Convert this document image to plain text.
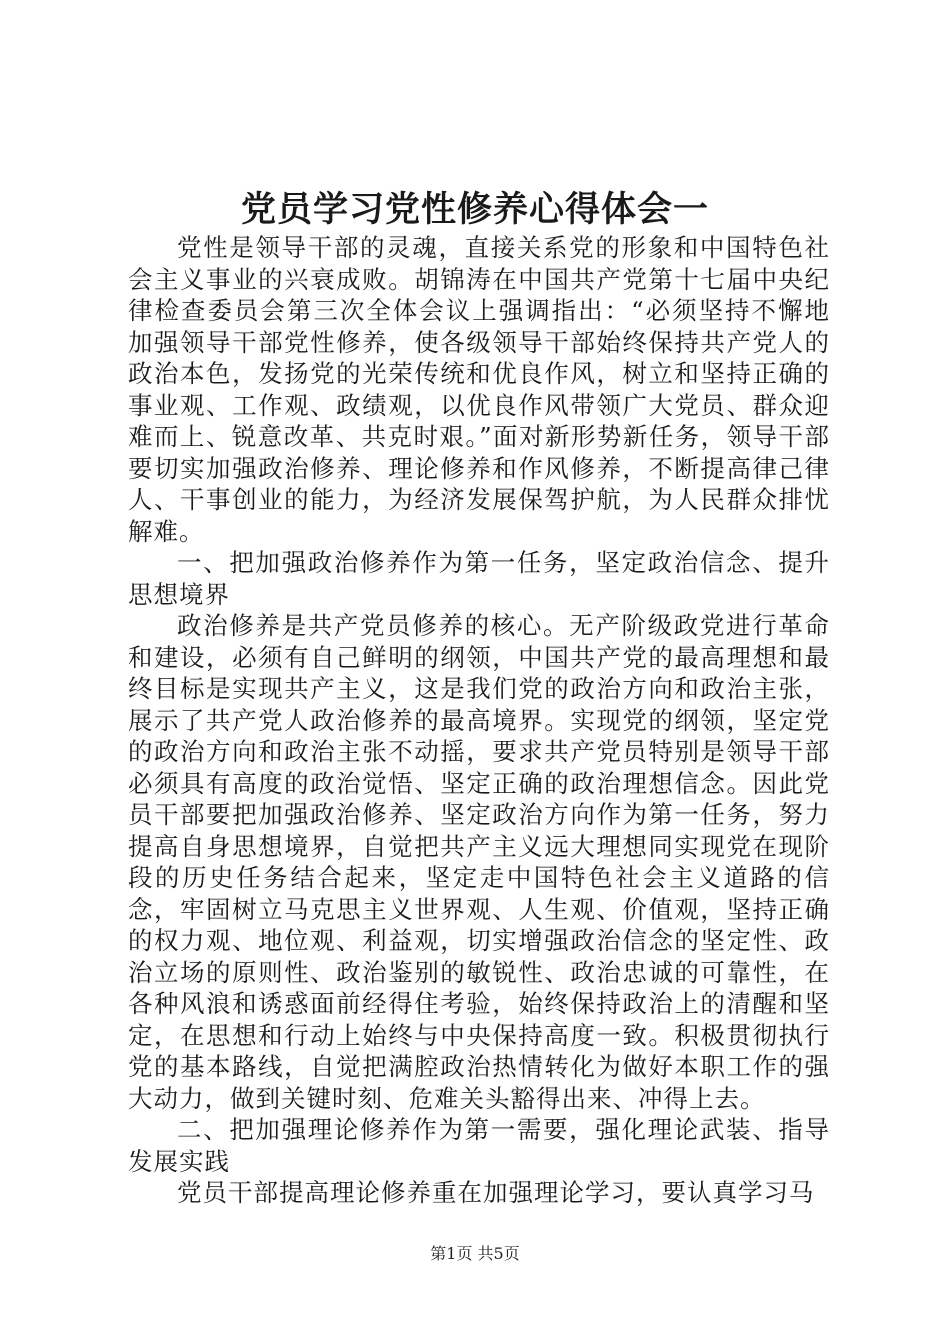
党员学习党性修养心得体会一

党性是领导干部的灵魂，直接关系党的形象和中国特色社会主义事业的兴衰成败。胡锦涛在中国共产党第十七届中央纪律检查委员会第三次全体会议上强调指出：“必须坚持不懈地加强领导干部党性修养，使各级领导干部始终保持共产党人的政治本色，发扬党的光荣传统和优良作风，树立和坚持正确的事业观、工作观、政绩观，以优良作风带领广大党员、群众迎难而上、锐意改革、共克时艰。”面对新形势新任务，领导干部要切实加强政治修养、理论修养和作风修养，不断提高律己律人、干事创业的能力，为经济发展保驾护航，为人民群众排忧解难。

一、把加强政治修养作为第一任务，坚定政治信念、提升思想境界

政治修养是共产党员修养的核心。无产阶级政党进行革命和建设，必须有自己鲜明的纲领，中国共产党的最高理想和最终目标是实现共产主义，这是我们党的政治方向和政治主张，展示了共产党人政治修养的最高境界。实现党的纲领，坚定党的政治方向和政治主张不动摇，要求共产党员特别是领导干部必须具有高度的政治觉悟、坚定正确的政治理想信念。因此党员干部要把加强政治修养、坚定政治方向作为第一任务，努力提高自身思想境界，自觉把共产主义远大理想同实现党在现阶段的历史任务结合起来，坚定走中国特色社会主义道路的信念，牢固树立马克思主义世界观、人生观、价值观，坚持正确的权力观、地位观、利益观，切实增强政治信念的坚定性、政治立场的原则性、政治鉴别的敏锐性、政治忠诚的可靠性，在各种风浪和诱惑面前经得住考验，始终保持政治上的清醒和坚定，在思想和行动上始终与中央保持高度一致。积极贯彻执行党的基本路线，自觉把满腔政治热情转化为做好本职工作的强大动力，做到关键时刻、危难关头豁得出来、冲得上去。

二、把加强理论修养作为第一需要，强化理论武装、指导发展实践

党员干部提高理论修养重在加强理论学习，要认真学习马

第1页 共5页
